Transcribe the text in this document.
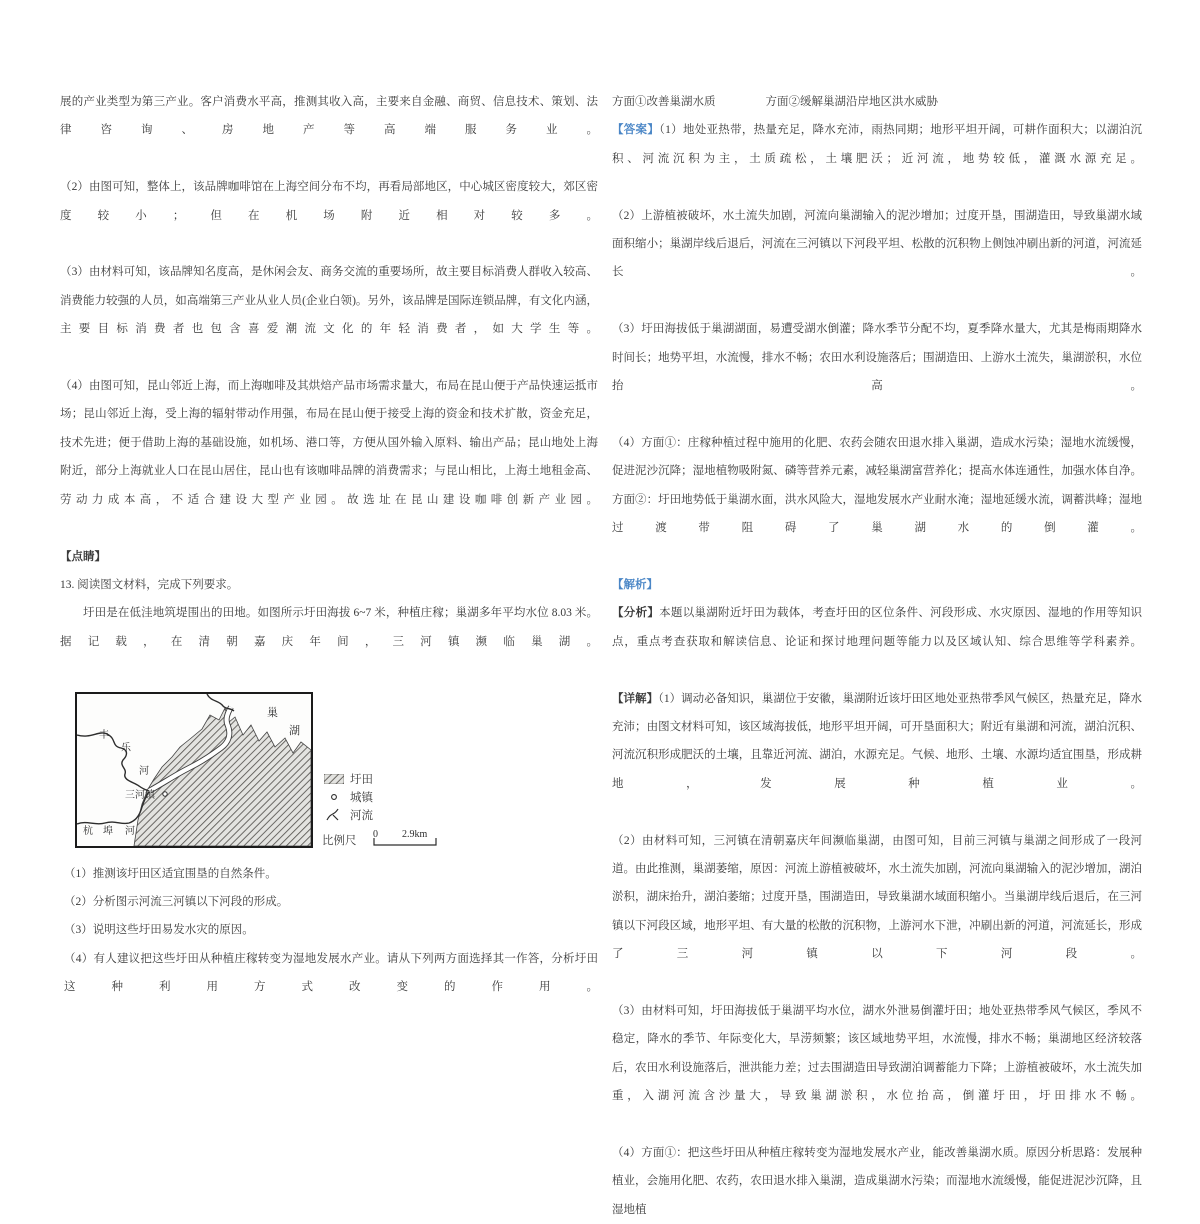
展的产业类型为第三产业。客户消费水平高，推测其收入高，主要来自金融、商贸、信息技术、策划、法律咨询、房地产等高端服务业。

（2）由图可知，整体上，该品牌咖啡馆在上海空间分布不均，再看局部地区，中心城区密度较大，郊区密度较小；但在机场附近相对较多。

（3）由材料可知，该品牌知名度高，是休闲会友、商务交流的重要场所，故主要目标消费人群收入较高、消费能力较强的人员，如高端第三产业从业人员(企业白领)。另外，该品牌是国际连锁品牌，有文化内涵，主要目标消费者也包含喜爱潮流文化的年轻消费者，如大学生等。

（4）由图可知，昆山邻近上海，而上海咖啡及其烘焙产品市场需求量大，布局在昆山便于产品快速运抵市场；昆山邻近上海，受上海的辐射带动作用强，布局在昆山便于接受上海的资金和技术扩散，资金充足，技术先进；便于借助上海的基础设施，如机场、港口等，方便从国外输入原料、输出产品；昆山地处上海附近，部分上海就业人口在昆山居住，昆山也有该咖啡品牌的消费需求；与昆山相比，上海土地租金高、劳动力成本高，不适合建设大型产业园。故选址在昆山建设咖啡创新产业园。

【点睛】

13. 阅读图文材料，完成下列要求。

圩田是在低洼地筑堤围出的田地。如图所示圩田海拔 6~7 米，种植庄稼；巢湖多年平均水位 8.03 米。据记载，在清朝嘉庆年间，三河镇濒临巢湖。

巢
湖
丰
乐
河
三河镇
杭 埠 河
圩田
城镇
河流
比例尺
0 2.9km

（1）推测该圩田区适宜围垦的自然条件。

（2）分析图示河流三河镇以下河段的形成。

（3）说明这些圩田易发水灾的原因。

（4）有人建议把这些圩田从种植庄稼转变为湿地发展水产业。请从下列两方面选择其一作答，分析圩田这种利用方式改变的作用。

方面①改善巢湖水质	方面②缓解巢湖沿岸地区洪水威胁

【答案】（1）地处亚热带，热量充足，降水充沛，雨热同期；地形平坦开阔，可耕作面积大；以湖泊沉积、河流沉积为主，土质疏松，土壤肥沃；近河流，地势较低，灌溉水源充足。

（2）上游植被破坏，水土流失加剧，河流向巢湖输入的泥沙增加；过度开垦，围湖造田，导致巢湖水域面积缩小；巢湖岸线后退后，河流在三河镇以下河段平坦、松散的沉积物上侧蚀冲刷出新的河道，河流延长。

（3）圩田海拔低于巢湖湖面，易遭受湖水倒灌；降水季节分配不均，夏季降水量大，尤其是梅雨期降水时间长；地势平坦，水流慢，排水不畅；农田水利设施落后；围湖造田、上游水土流失，巢湖淤积，水位抬高。

（4）方面①：庄稼种植过程中施用的化肥、农药会随农田退水排入巢湖，造成水污染；湿地水流缓慢，促进泥沙沉降；湿地植物吸附氮、磷等营养元素，减轻巢湖富营养化；提高水体连通性，加强水体自净。方面②：圩田地势低于巢湖水面，洪水风险大，湿地发展水产业耐水淹；湿地延缓水流，调蓄洪峰；湿地过渡带阻碍了巢湖水的倒灌。

【解析】

【分析】本题以巢湖附近圩田为载体，考查圩田的区位条件、河段形成、水灾原因、湿地的作用等知识点，重点考查获取和解读信息、论证和探讨地理问题等能力以及区域认知、综合思维等学科素养。

【详解】（1）调动必备知识，巢湖位于安徽，巢湖附近该圩田区地处亚热带季风气候区，热量充足，降水充沛；由图文材料可知，该区域海拔低，地形平坦开阔，可开垦面积大；附近有巢湖和河流，湖泊沉积、河流沉积形成肥沃的土壤，且靠近河流、湖泊，水源充足。气候、地形、土壤、水源均适宜围垦，形成耕地，发展种植业。

（2）由材料可知，三河镇在清朝嘉庆年间濒临巢湖，由图可知，目前三河镇与巢湖之间形成了一段河道。由此推测，巢湖萎缩，原因：河流上游植被破坏，水土流失加剧，河流向巢湖输入的泥沙增加，湖泊淤积，湖床抬升，湖泊萎缩；过度开垦，围湖造田，导致巢湖水域面积缩小。当巢湖岸线后退后，在三河镇以下河段区域，地形平坦、有大量的松散的沉积物，上游河水下泄，冲刷出新的河道，河流延长，形成了三河镇以下河段。

（3）由材料可知，圩田海拔低于巢湖平均水位，湖水外泄易倒灌圩田；地处亚热带季风气候区，季风不稳定，降水的季节、年际变化大，旱涝频繁；该区域地势平坦，水流慢，排水不畅；巢湖地区经济较落后，农田水利设施落后，泄洪能力差；过去围湖造田导致湖泊调蓄能力下降；上游植被破坏，水土流失加重，入湖河流含沙量大，导致巢湖淤积，水位抬高，倒灌圩田，圩田排水不畅。

（4）方面①：把这些圩田从种植庄稼转变为湿地发展水产业，能改善巢湖水质。原因分析思路：发展种植业，会施用化肥、农药，农田退水排入巢湖，造成巢湖水污染；而湿地水流缓慢，能促进泥沙沉降，且湿地植
